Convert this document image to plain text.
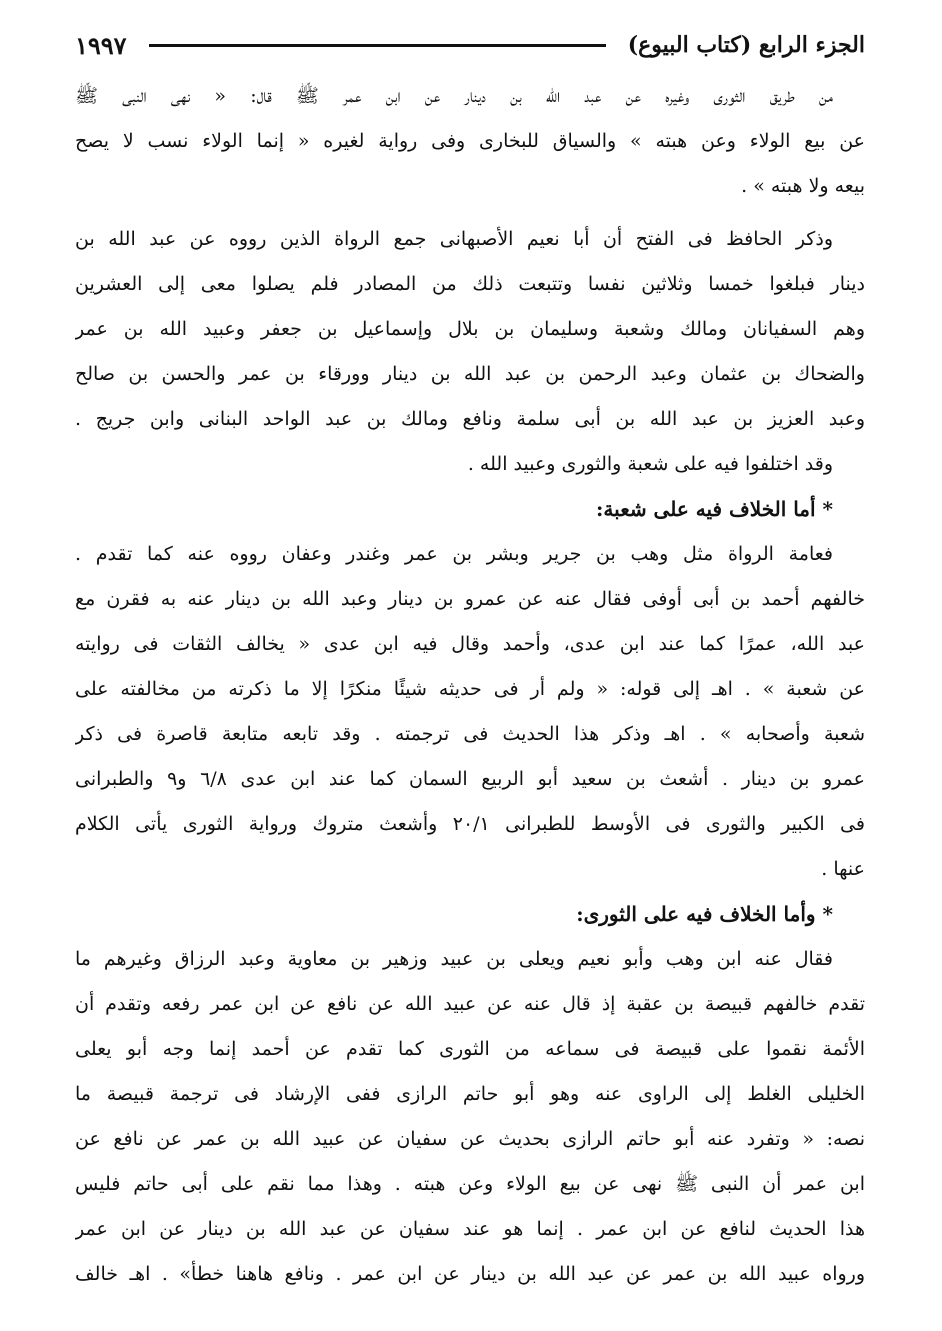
١٩٩٧	الجزء الرابع (كتاب البيوع)
من طريق الثورى وغيره عن عبد الله بن دينار عن ابن عمر ﷺ قال: « نهى النبى ﷺ
عن بيع الولاء وعن هبته » والسياق للبخارى وفى رواية لغيره « إنما الولاء نسب لا يصح
بيعه ولا هبته » .
وذكر الحافظ فى الفتح أن أبا نعيم الأصبهانى جمع الرواة الذين رووه عن عبد الله بن
دينار فبلغوا خمسا وثلاثين نفسا وتتبعت ذلك من المصادر فلم يصلوا معى إلى العشرين
وهم السفيانان ومالك وشعبة وسليمان بن بلال وإسماعيل بن جعفر وعبيد الله بن عمر
والضحاك بن عثمان وعبد الرحمن بن عبد الله بن دينار وورقاء بن عمر والحسن بن صالح
وعبد العزيز بن عبد الله بن أبى سلمة ونافع ومالك بن عبد الواحد البنانى وابن جريج .
وقد اختلفوا فيه على شعبة والثورى وعبيد الله .
* أما الخلاف فيه على شعبة:
فعامة الرواة مثل وهب بن جرير وبشر بن عمر وغندر وعفان رووه عنه كما تقدم .
خالفهم أحمد بن أبى أوفى فقال عنه عن عمرو بن دينار وعبد الله بن دينار عنه به فقرن مع
عبد الله، عمرًا كما عند ابن عدى، وأحمد وقال فيه ابن عدى « يخالف الثقات فى روايته
عن شعبة » . اهـ إلى قوله: « ولم أر فى حديثه شيئًا منكرًا إلا ما ذكرته من مخالفته على
شعبة وأصحابه » . اهـ وذكر هذا الحديث فى ترجمته . وقد تابعه متابعة قاصرة فى ذكر
عمرو بن دينار . أشعث بن سعيد أبو الربيع السمان كما عند ابن عدى ٦/٨ و٩ والطبرانى
فى الكبير والثورى فى الأوسط للطبرانى ٢٠/١ وأشعث متروك ورواية الثورى يأتى الكلام
عنها .
* وأما الخلاف فيه على الثورى:
فقال عنه ابن وهب وأبو نعيم ويعلى بن عبيد وزهير بن معاوية وعبد الرزاق وغيرهم ما
تقدم خالفهم قبيصة بن عقبة إذ قال عنه عن عبيد الله عن نافع عن ابن عمر رفعه وتقدم أن
الأئمة نقموا على قبيصة فى سماعه من الثورى كما تقدم عن أحمد إنما وجه أبو يعلى
الخليلى الغلط إلى الراوى عنه وهو أبو حاتم الرازى ففى الإرشاد فى ترجمة قبيصة ما
نصه: « وتفرد عنه أبو حاتم الرازى بحديث عن سفيان عن عبيد الله بن عمر عن نافع عن
ابن عمر أن النبى ﷺ نهى عن بيع الولاء وعن هبته . وهذا مما نقم على أبى حاتم فليس
هذا الحديث لنافع عن ابن عمر . إنما هو عند سفيان عن عبد الله بن دينار عن ابن عمر
ورواه عبيد الله بن عمر عن عبد الله بن دينار عن ابن عمر . ونافع هاهنا خطأ» . اهـ خالف
